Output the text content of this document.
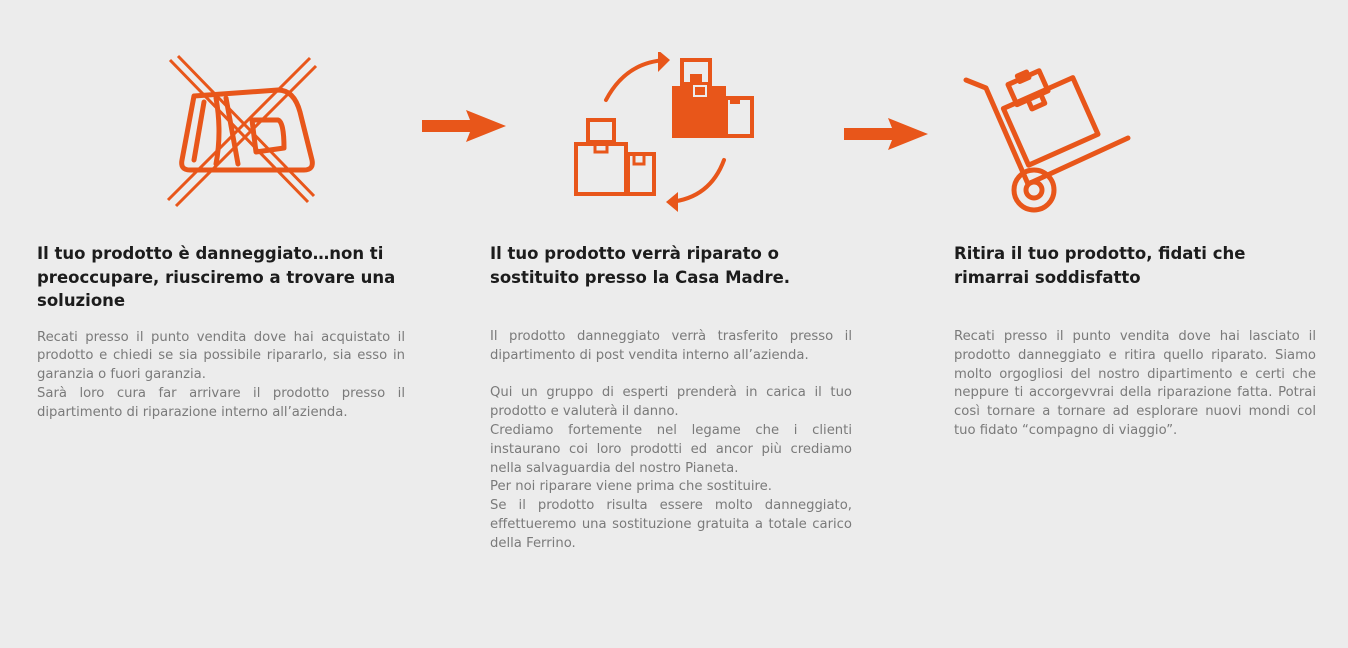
Il tuo prodotto è danneggiato…non ti preoccupare, riusciremo a trovare una soluzione

Recati presso il punto vendita dove hai acquistato il prodotto e chiedi se sia possibile ripararlo, sia esso in garanzia o fuori garanzia.

Sarà loro cura far arrivare il prodotto presso il dipartimento di riparazione interno all’azienda.

Il tuo prodotto verrà riparato o sostituito presso la Casa Madre.

Il prodotto danneggiato verrà trasferito presso il dipartimento di post vendita interno all’azienda.

Qui un gruppo di esperti prenderà in carica il tuo prodotto e valuterà il danno.

Crediamo fortemente nel legame che i clienti instaurano coi loro prodotti ed ancor più crediamo nella salvaguardia del nostro Pianeta.

Per noi riparare viene prima che sostituire.

Se il prodotto risulta essere molto danneggiato, effettueremo una sostituzione gratuita a totale carico della Ferrino.

Ritira il tuo prodotto, fidati che rimarrai soddisfatto

Recati presso il punto vendita dove hai lasciato il prodotto danneggiato e ritira quello riparato. Siamo molto orgogliosi del nostro dipartimento e certi che neppure ti accorgevvrai della riparazione fatta. Potrai così tornare a tornare ad esplorare nuovi mondi col tuo fidato “compagno di viaggio”.
